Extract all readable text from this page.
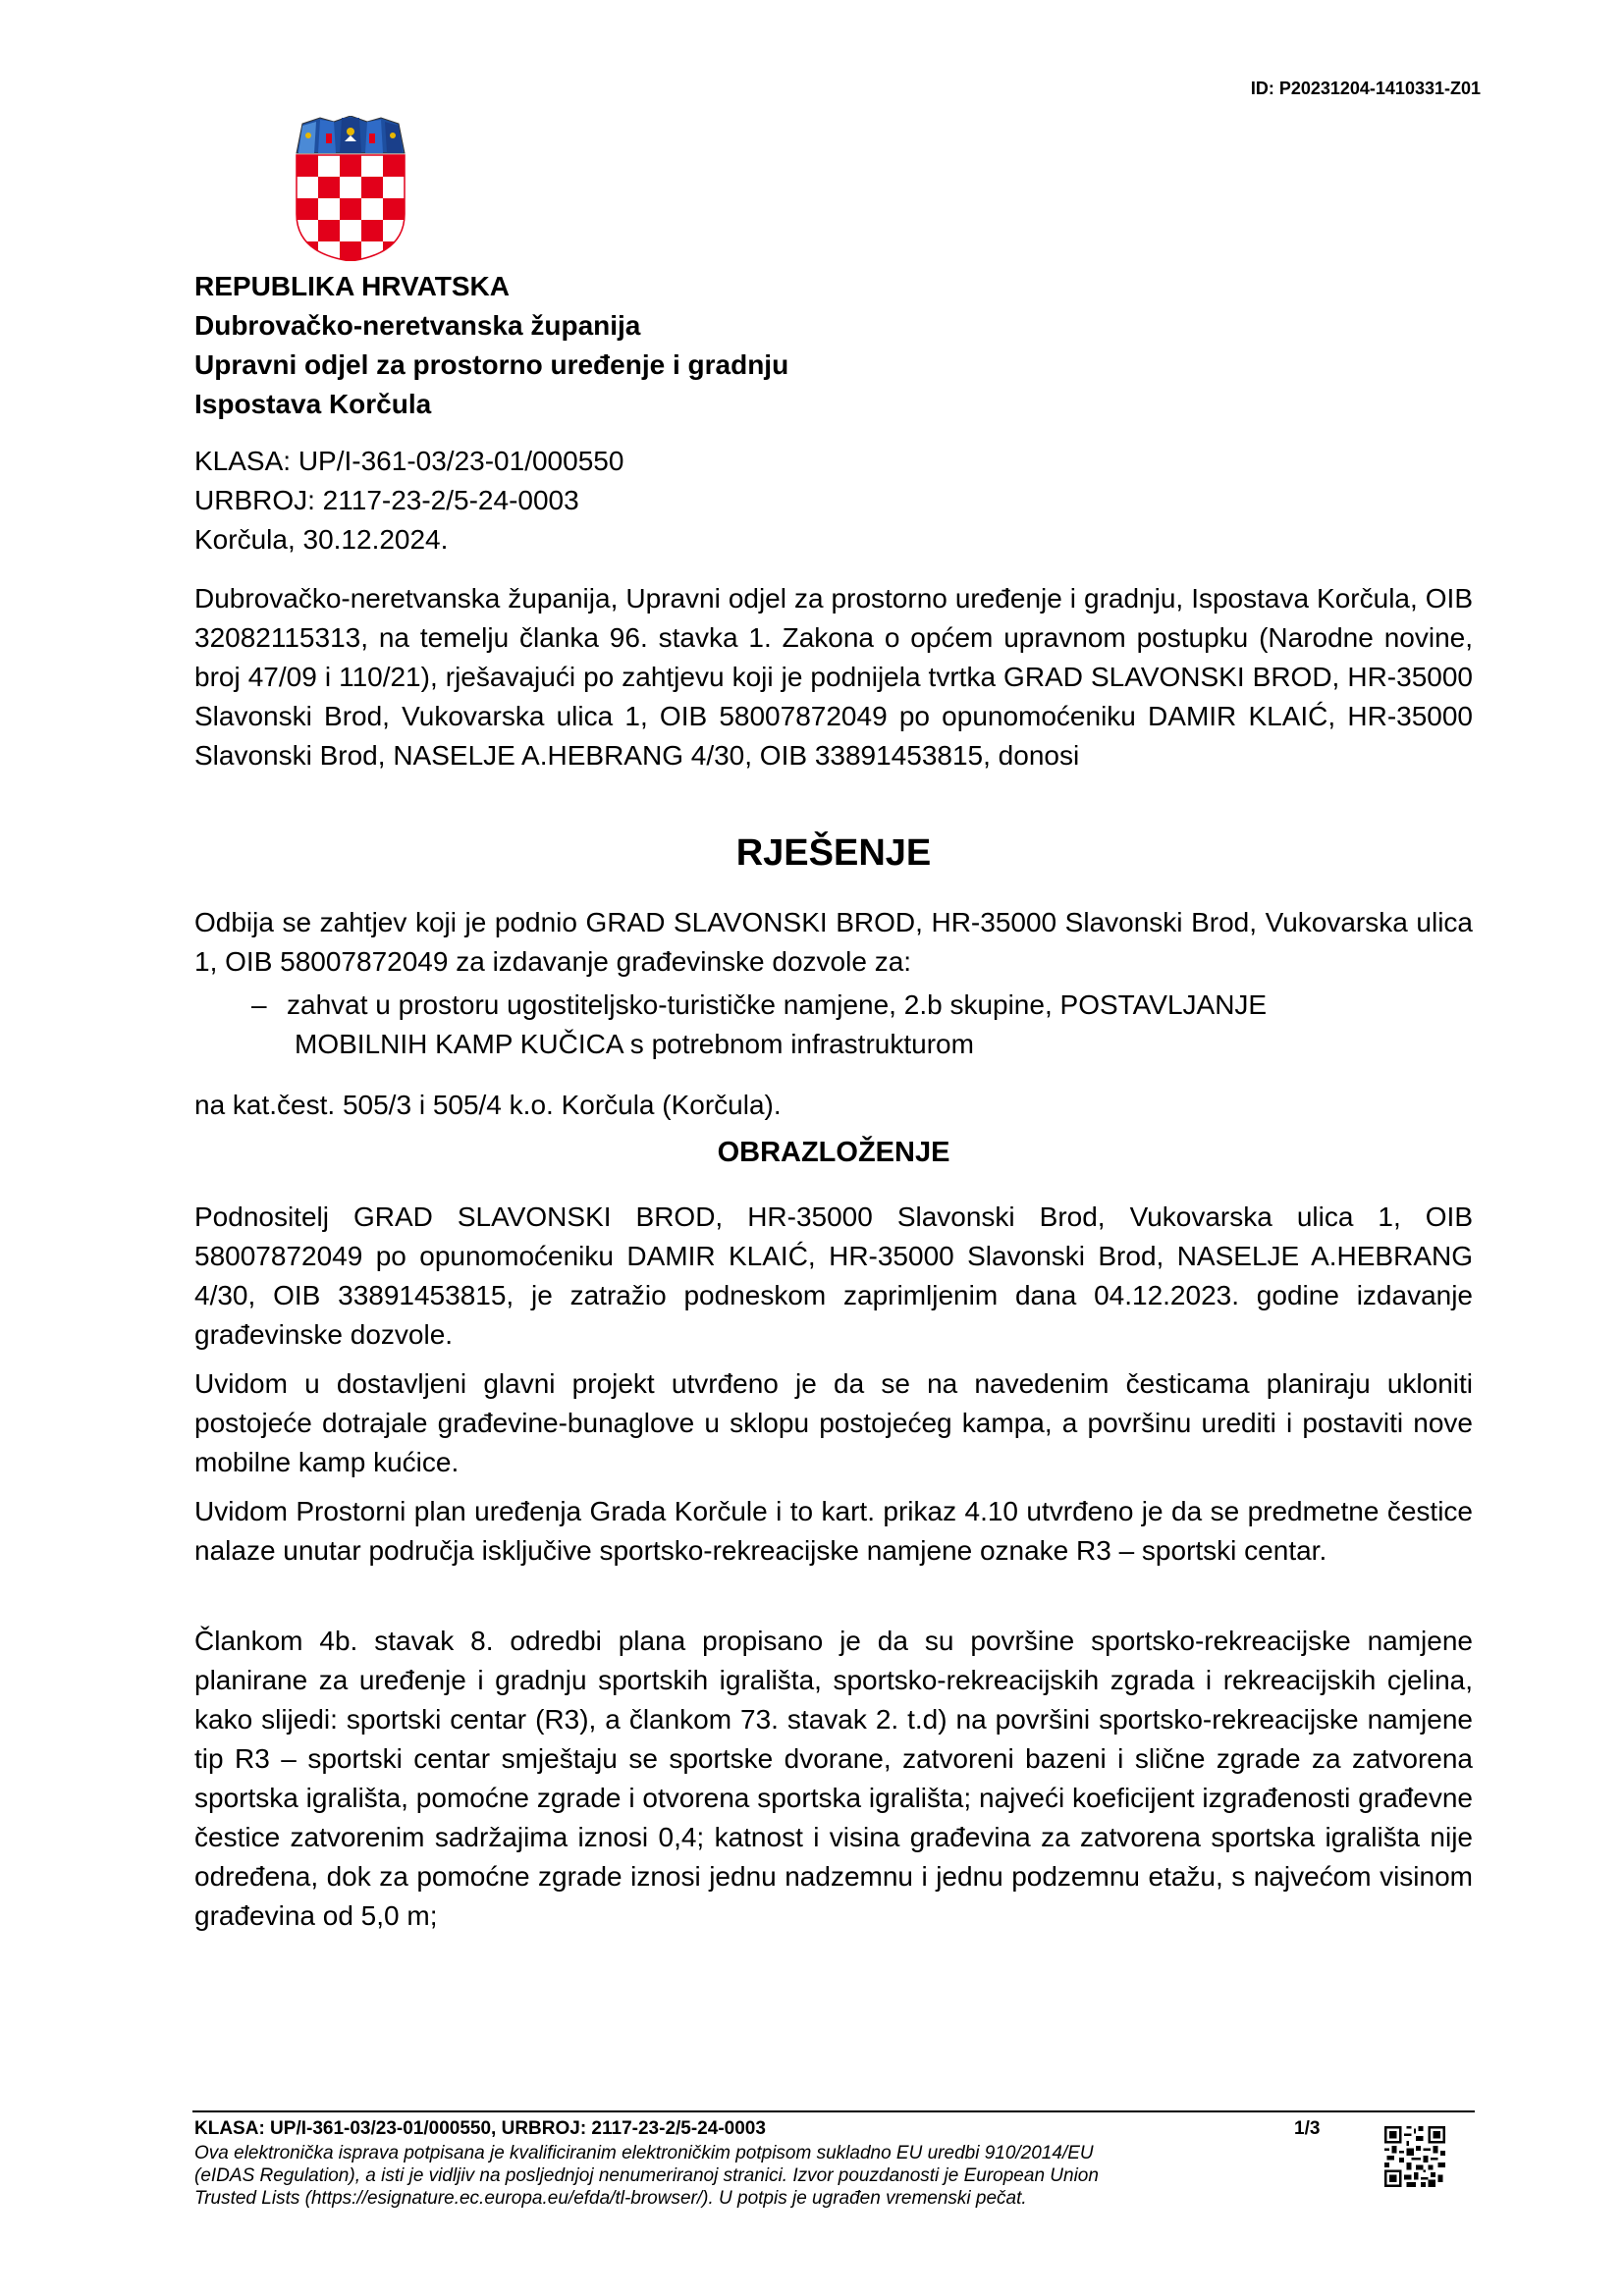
ID: P20231204-1410331-Z01
REPUBLIKA HRVATSKA
Dubrovačko-neretvanska županija
Upravni odjel za prostorno uređenje i gradnju
Ispostava Korčula
KLASA: UP/I-361-03/23-01/000550
URBROJ: 2117-23-2/5-24-0003
Korčula, 30.12.2024.

Dubrovačko-neretvanska županija, Upravni odjel za prostorno uređenje i gradnju, Ispostava Korčula, OIB 32082115313, na temelju članka 96. stavka 1. Zakona o općem upravnom postupku (Narodne novine, broj 47/09 i 110/21), rješavajući po zahtjevu koji je podnijela tvrtka GRAD SLAVONSKI BROD, HR-35000 Slavonski Brod, Vukovarska ulica 1, OIB 58007872049 po opunomoćeniku DAMIR KLAIĆ, HR-35000 Slavonski Brod, NASELJE A.HEBRANG 4/30, OIB 33891453815, donosi

RJEŠENJE

Odbija se zahtjev koji je podnio GRAD SLAVONSKI BROD, HR-35000 Slavonski Brod, Vukovarska ulica 1, OIB 58007872049 za izdavanje građevinske dozvole za:

– zahvat u prostoru ugostiteljsko-turističke namjene, 2.b skupine, POSTAVLJANJE
MOBILNIH KAMP KUČICA s potrebnom infrastrukturom

na kat.čest. 505/3 i 505/4 k.o. Korčula (Korčula).

OBRAZLOŽENJE

Podnositelj GRAD SLAVONSKI BROD, HR-35000 Slavonski Brod, Vukovarska ulica 1, OIB 58007872049 po opunomoćeniku DAMIR KLAIĆ, HR-35000 Slavonski Brod, NASELJE A.HEBRANG 4/30, OIB 33891453815, je zatražio podneskom zaprimljenim dana 04.12.2023. godine izdavanje građevinske dozvole.

Uvidom u dostavljeni glavni projekt utvrđeno je da se na navedenim česticama planiraju ukloniti postojeće dotrajale građevine-bunaglove u sklopu postojećeg kampa, a površinu urediti i postaviti nove mobilne kamp kućice.

Uvidom Prostorni plan uređenja Grada Korčule i to kart. prikaz 4.10 utvrđeno je da se predmetne čestice nalaze unutar područja isključive sportsko-rekreacijske namjene oznake R3 – sportski centar.

Člankom 4b. stavak 8. odredbi plana propisano je da su površine sportsko-rekreacijske namjene planirane za uređenje i gradnju sportskih igrališta, sportsko-rekreacijskih zgrada i rekreacijskih cjelina, kako slijedi: sportski centar (R3), a člankom 73. stavak 2. t.d) na površini sportsko-rekreacijske namjene tip R3 – sportski centar smještaju se sportske dvorane, zatvoreni bazeni i slične zgrade za zatvorena sportska igrališta, pomoćne zgrade i otvorena sportska igrališta; najveći koeficijent izgrađenosti građevne čestice zatvorenim sadržajima iznosi 0,4; katnost i visina građevina za zatvorena sportska igrališta nije određena, dok za pomoćne zgrade iznosi jednu nadzemnu i jednu podzemnu etažu, s najvećom visinom građevina od 5,0 m;

KLASA: UP/I-361-03/23-01/000550, URBROJ: 2117-23-2/5-24-0003	1/3
Ova elektronička isprava potpisana je kvalificiranim elektroničkim potpisom sukladno EU uredbi 910/2014/EU
(eIDAS Regulation), a isti je vidljiv na posljednjoj nenumeriranoj stranici. Izvor pouzdanosti je European Union
Trusted Lists (https://esignature.ec.europa.eu/efda/tl-browser/). U potpis je ugrađen vremenski pečat.
